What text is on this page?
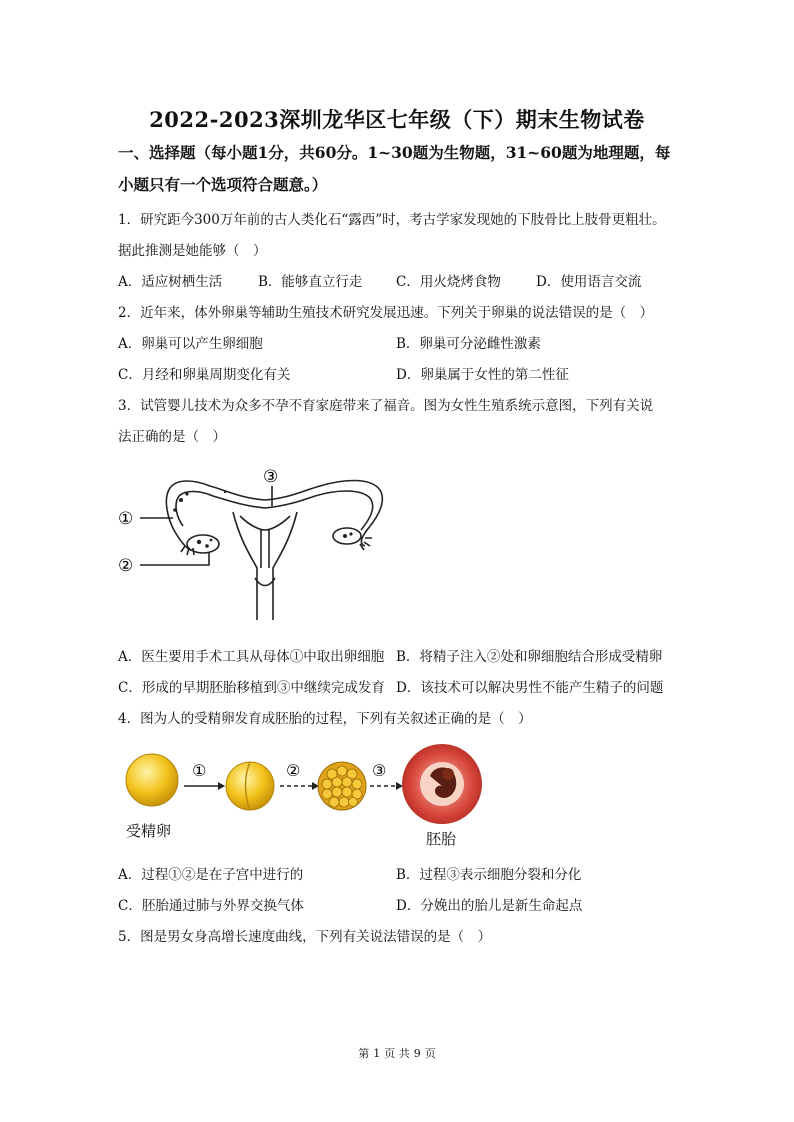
2022-2023深圳龙华区七年级（下）期末生物试卷
一、选择题（每小题1分，共60分。1~30题为生物题，31~60题为地理题，每
小题只有一个选项符合题意。）
1．研究距今300万年前的古人类化石“露西”时，考古学家发现她的下肢骨比上肢骨更粗壮。
据此推测是她能够（　）
A．适应树栖生活	B．能够直立行走 C．用火烧烤食物	D．使用语言交流
2．近年来，体外卵巢等辅助生殖技术研究发展迅速。下列关于卵巢的说法错误的是（　）
A．卵巢可以产生卵细胞	B．卵巢可分泌雌性激素
C．月经和卵巢周期变化有关	D．卵巢属于女性的第二性征
3．试管婴儿技术为众多不孕不育家庭带来了福音。图为女性生殖系统示意图，下列有关说
法正确的是（　）
①
②
③
A．医生要用手术工具从母体①中取出卵细胞 B．将精子注入②处和卵细胞结合形成受精卵
C．形成的早期胚胎移植到③中继续完成发育 D．该技术可以解决男性不能产生精子的问题
4．图为人的受精卵发育成胚胎的过程，下列有关叙述正确的是（　）
①	②	③
受精卵	胚胎
A．过程①②是在子宫中进行的	B．过程③表示细胞分裂和分化
C．胚胎通过肺与外界交换气体	D．分娩出的胎儿是新生命起点
5．图是男女身高增长速度曲线，下列有关说法错误的是（　）
第 1 页 共 9 页
